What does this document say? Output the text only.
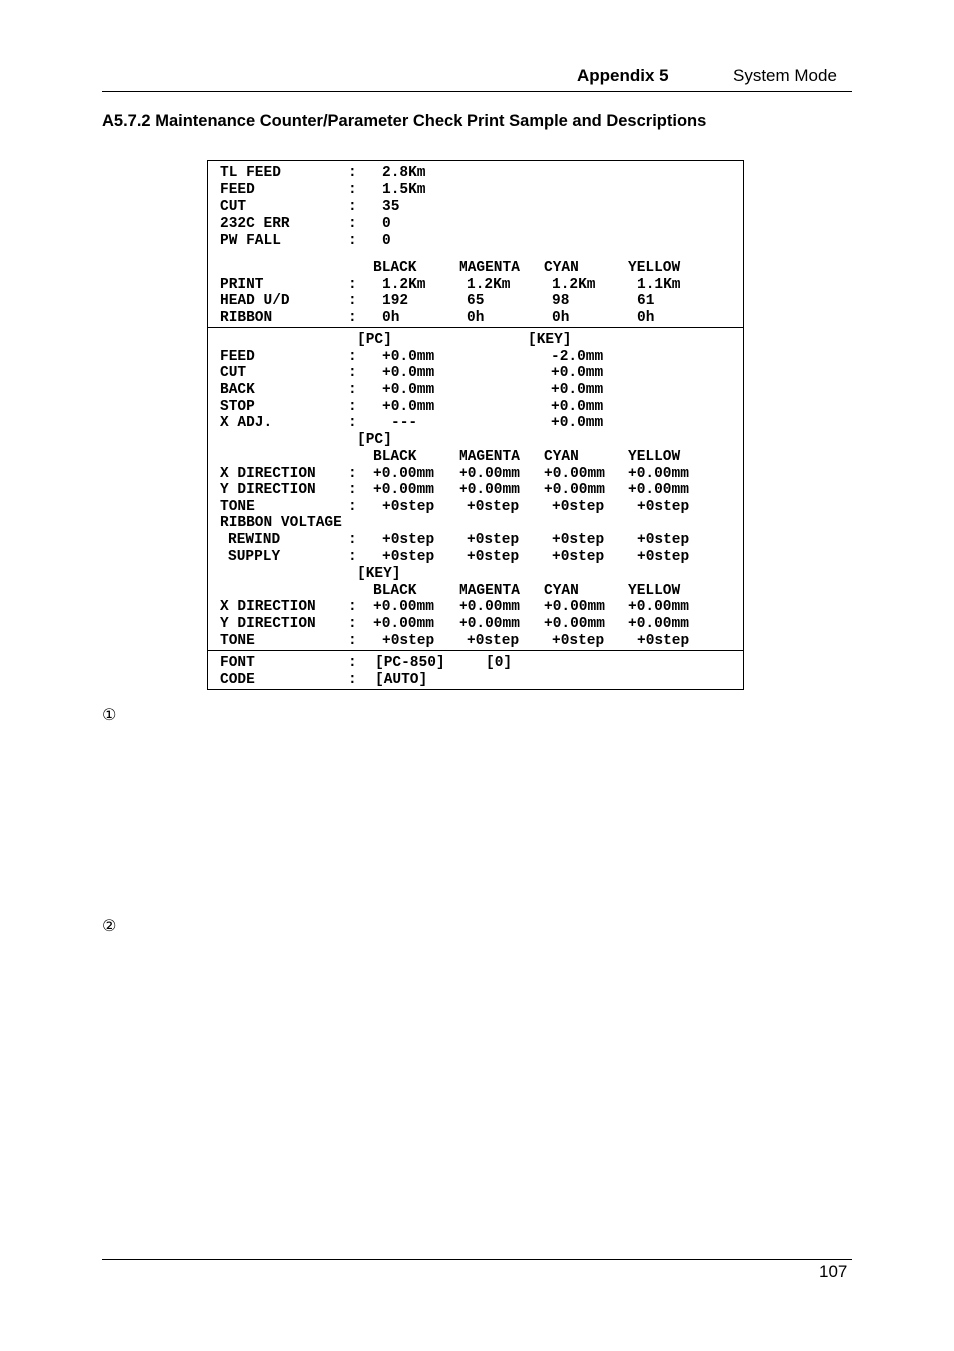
Appendix 5	System Mode
A5.7.2 Maintenance Counter/Parameter Check Print Sample and Descriptions
TL FEED	: 2.8Km
FEED	: 1.5Km
CUT	: 35
232C ERR	: 0
PW FALL	: 0
BLACK	MAGENTA CYAN	YELLOW
PRINT	: 1.2Km	1.2Km	1.2Km	1.1Km
HEAD U/D	: 192	65	98	61
RIBBON	: 0h	0h	0h	0h
[PC]	[KEY]
FEED	: +0.0mm	-2.0mm
CUT	: +0.0mm	+0.0mm
BACK	: +0.0mm	+0.0mm
STOP	: +0.0mm	+0.0mm
X ADJ.	: ---	+0.0mm
[PC]
BLACK	MAGENTA CYAN	YELLOW
X DIRECTION : +0.00mm +0.00mm +0.00mm +0.00mm
Y DIRECTION : +0.00mm +0.00mm +0.00mm +0.00mm
TONE	: +0step +0step +0step +0step
RIBBON VOLTAGE
REWIND	: +0step +0step +0step +0step
SUPPLY	: +0step +0step +0step +0step
[KEY]
BLACK	MAGENTA CYAN	YELLOW
X DIRECTION : +0.00mm +0.00mm +0.00mm +0.00mm
Y DIRECTION : +0.00mm +0.00mm +0.00mm +0.00mm
TONE	: +0step +0step +0step +0step
FONT	: [PC-850]	[0]
CODE	: [AUTO]
①
②
107
